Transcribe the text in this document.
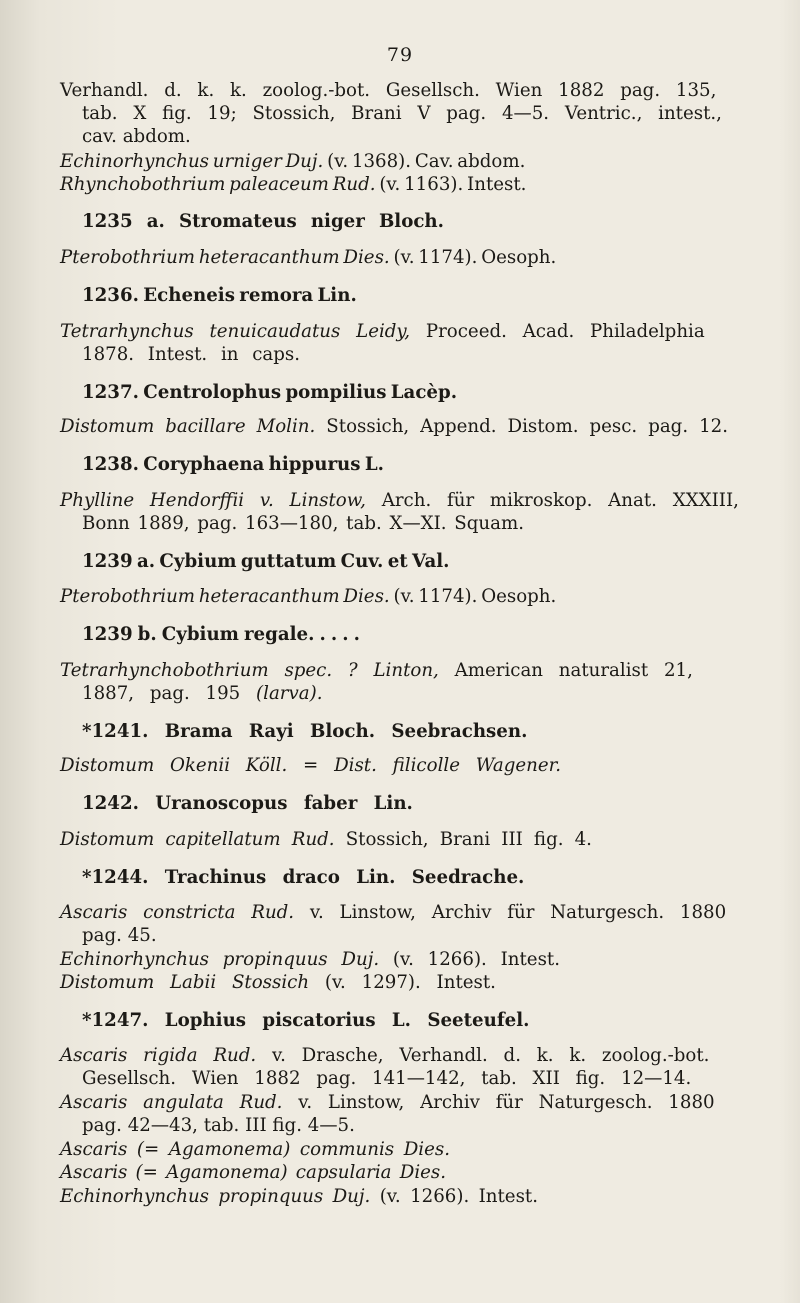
79
Verhandl. d. k. k. zoolog.-bot. Gesellsch. Wien 1882 pag. 135,
tab. X fig. 19; Stossich, Brani V pag. 4—5. Ventric., intest.,
cav. abdom.
Echinorhynchus urniger Duj. (v. 1368). Cav. abdom.
Rhynchobothrium paleaceum Rud. (v. 1163). Intest.
1235 a. Stromateus niger Bloch.
Pterobothrium heteracanthum Dies. (v. 1174). Oesoph.
1236. Echeneis remora Lin.
Tetrarhynchus tenuicaudatus Leidy, Proceed. Acad. Philadelphia
1878. Intest. in caps.
1237. Centrolophus pompilius Lacèp.
Distomum bacillare Molin. Stossich, Append. Distom. pesc. pag. 12.
1238. Coryphaena hippurus L.
Phylline Hendorffii v. Linstow, Arch. für mikroskop. Anat. XXXIII,
Bonn 1889, pag. 163—180, tab. X—XI. Squam.
1239 a. Cybium guttatum Cuv. et Val.
Pterobothrium heteracanthum Dies. (v. 1174). Oesoph.
1239 b. Cybium regale. . . . .
Tetrarhynchobothrium spec. ? Linton, American naturalist 21,
1887, pag. 195 (larva).
*1241. Brama Rayi Bloch. Seebrachsen.
Distomum Okenii Köll. = Dist. filicolle Wagener.
1242. Uranoscopus faber Lin.
Distomum capitellatum Rud. Stossich, Brani III fig. 4.
*1244. Trachinus draco Lin. Seedrache.
Ascaris constricta Rud. v. Linstow, Archiv für Naturgesch. 1880
pag. 45.
Echinorhynchus propinquus Duj. (v. 1266). Intest.
Distomum Labii Stossich (v. 1297). Intest.
*1247. Lophius piscatorius L. Seeteufel.
Ascaris rigida Rud. v. Drasche, Verhandl. d. k. k. zoolog.-bot.
Gesellsch. Wien 1882 pag. 141—142, tab. XII fig. 12—14.
Ascaris angulata Rud. v. Linstow, Archiv für Naturgesch. 1880
pag. 42—43, tab. III fig. 4—5.
Ascaris (= Agamonema) communis Dies.
Ascaris (= Agamonema) capsularia Dies.
Echinorhynchus propinquus Duj. (v. 1266). Intest.
